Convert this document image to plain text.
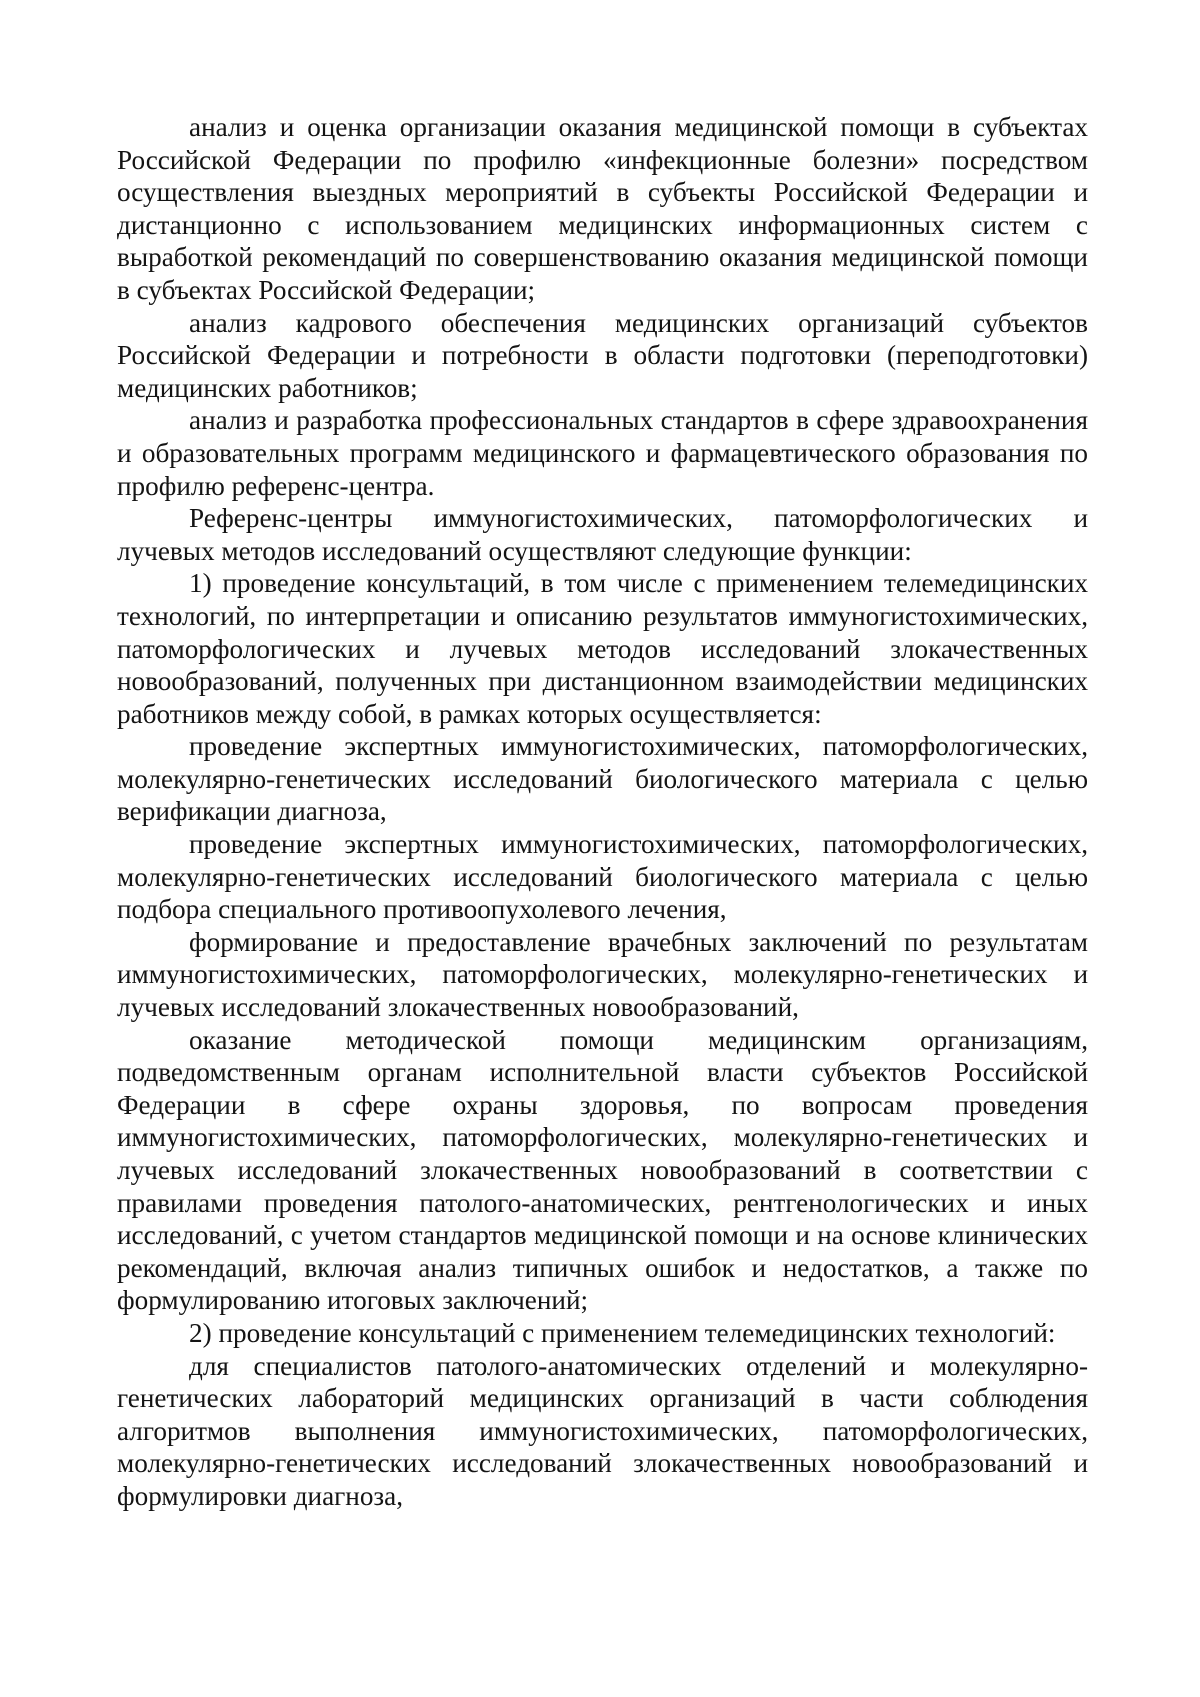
анализ и оценка организации оказания медицинской помощи в субъектах Российской Федерации по профилю «инфекционные болезни» посредством осуществления выездных мероприятий в субъекты Российской Федерации и дистанционно с использованием медицинских информационных систем с выработкой рекомендаций по совершенствованию оказания медицинской помощи в субъектах Российской Федерации;

анализ кадрового обеспечения медицинских организаций субъектов Российской Федерации и потребности в области подготовки (переподготовки) медицинских работников;

анализ и разработка профессиональных стандартов в сфере здравоохранения и образовательных программ медицинского и фармацевтического образования по профилю референс-центра.

Референс-центры иммуногистохимических, патоморфологических и лучевых методов исследований осуществляют следующие функции:

1) проведение консультаций, в том числе с применением телемедицинских технологий, по интерпретации и описанию результатов иммуногистохимических, патоморфологических и лучевых методов исследований злокачественных новообразований, полученных при дистанционном взаимодействии медицинских работников между собой, в рамках которых осуществляется:

проведение экспертных иммуногистохимических, патоморфологических, молекулярно-генетических исследований биологического материала с целью верификации диагноза,

проведение экспертных иммуногистохимических, патоморфологических, молекулярно-генетических исследований биологического материала с целью подбора специального противоопухолевого лечения,

формирование и предоставление врачебных заключений по результатам иммуногистохимических, патоморфологических, молекулярно-генетических и лучевых исследований злокачественных новообразований,

оказание методической помощи медицинским организациям, подведомственным органам исполнительной власти субъектов Российской Федерации в сфере охраны здоровья, по вопросам проведения иммуногистохимических, патоморфологических, молекулярно-генетических и лучевых исследований злокачественных новообразований в соответствии с правилами проведения патолого-анатомических, рентгенологических и иных исследований, с учетом стандартов медицинской помощи и на основе клинических рекомендаций, включая анализ типичных ошибок и недостатков, а также по формулированию итоговых заключений;

2) проведение консультаций с применением телемедицинских технологий:

для специалистов патолого-анатомических отделений и молекулярно-генетических лабораторий медицинских организаций в части соблюдения алгоритмов выполнения иммуногистохимических, патоморфологических, молекулярно-генетических исследований злокачественных новообразований и формулировки диагноза,
